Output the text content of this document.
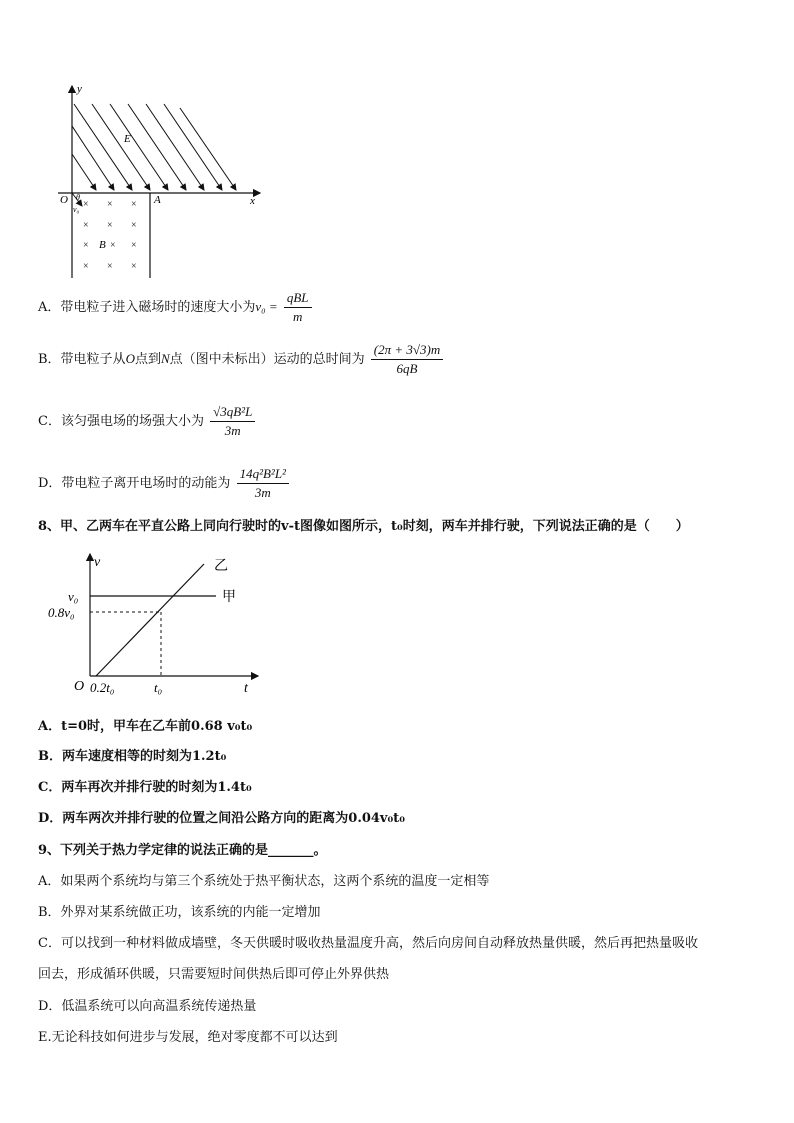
y
x
O	A
E
θ
v₀ × × ×
× × ×
× × ×
× × ×
B
A．带电粒子进入磁场时的速度大小为$v_0 = \frac{\text{qBL}}{m}$
B．带电粒子从O点到N点（图中未标出）运动的总时间为 $\frac{(2\pi + 3√3)m}{6qB}$
C．该匀强电场的场强大小为 $\frac{\text{√3qB²L}}{3m}$
D．带电粒子离开电场时的动能为 $\frac{\text{14q²B²L²}}{3m}$
8、甲、乙两车在平直公路上同向行驶时的v-t图像如图所示，t₀时刻，两车并排行驶，下列说法正确的是（　　）
v
t
O
甲
乙
v₀
0.8v₀
0.2t₀	t₀
A．t=0时，甲车在乙车前0.68 v₀t₀
B．两车速度相等的时刻为1.2t₀
C．两车再次并排行驶的时刻为1.4t₀
D．两车两次并排行驶的位置之间沿公路方向的距离为0.04v₀t₀
9、下列关于热力学定律的说法正确的是_______。
A．如果两个系统均与第三个系统处于热平衡状态，这两个系统的温度一定相等
B．外界对某系统做正功，该系统的内能一定增加
C．可以找到一种材料做成墙壁，冬天供暖时吸收热量温度升高，然后向房间自动释放热量供暖，然后再把热量吸收
回去，形成循环供暖，只需要短时间供热后即可停止外界供热
D．低温系统可以向高温系统传递热量
E.无论科技如何进步与发展，绝对零度都不可以达到
